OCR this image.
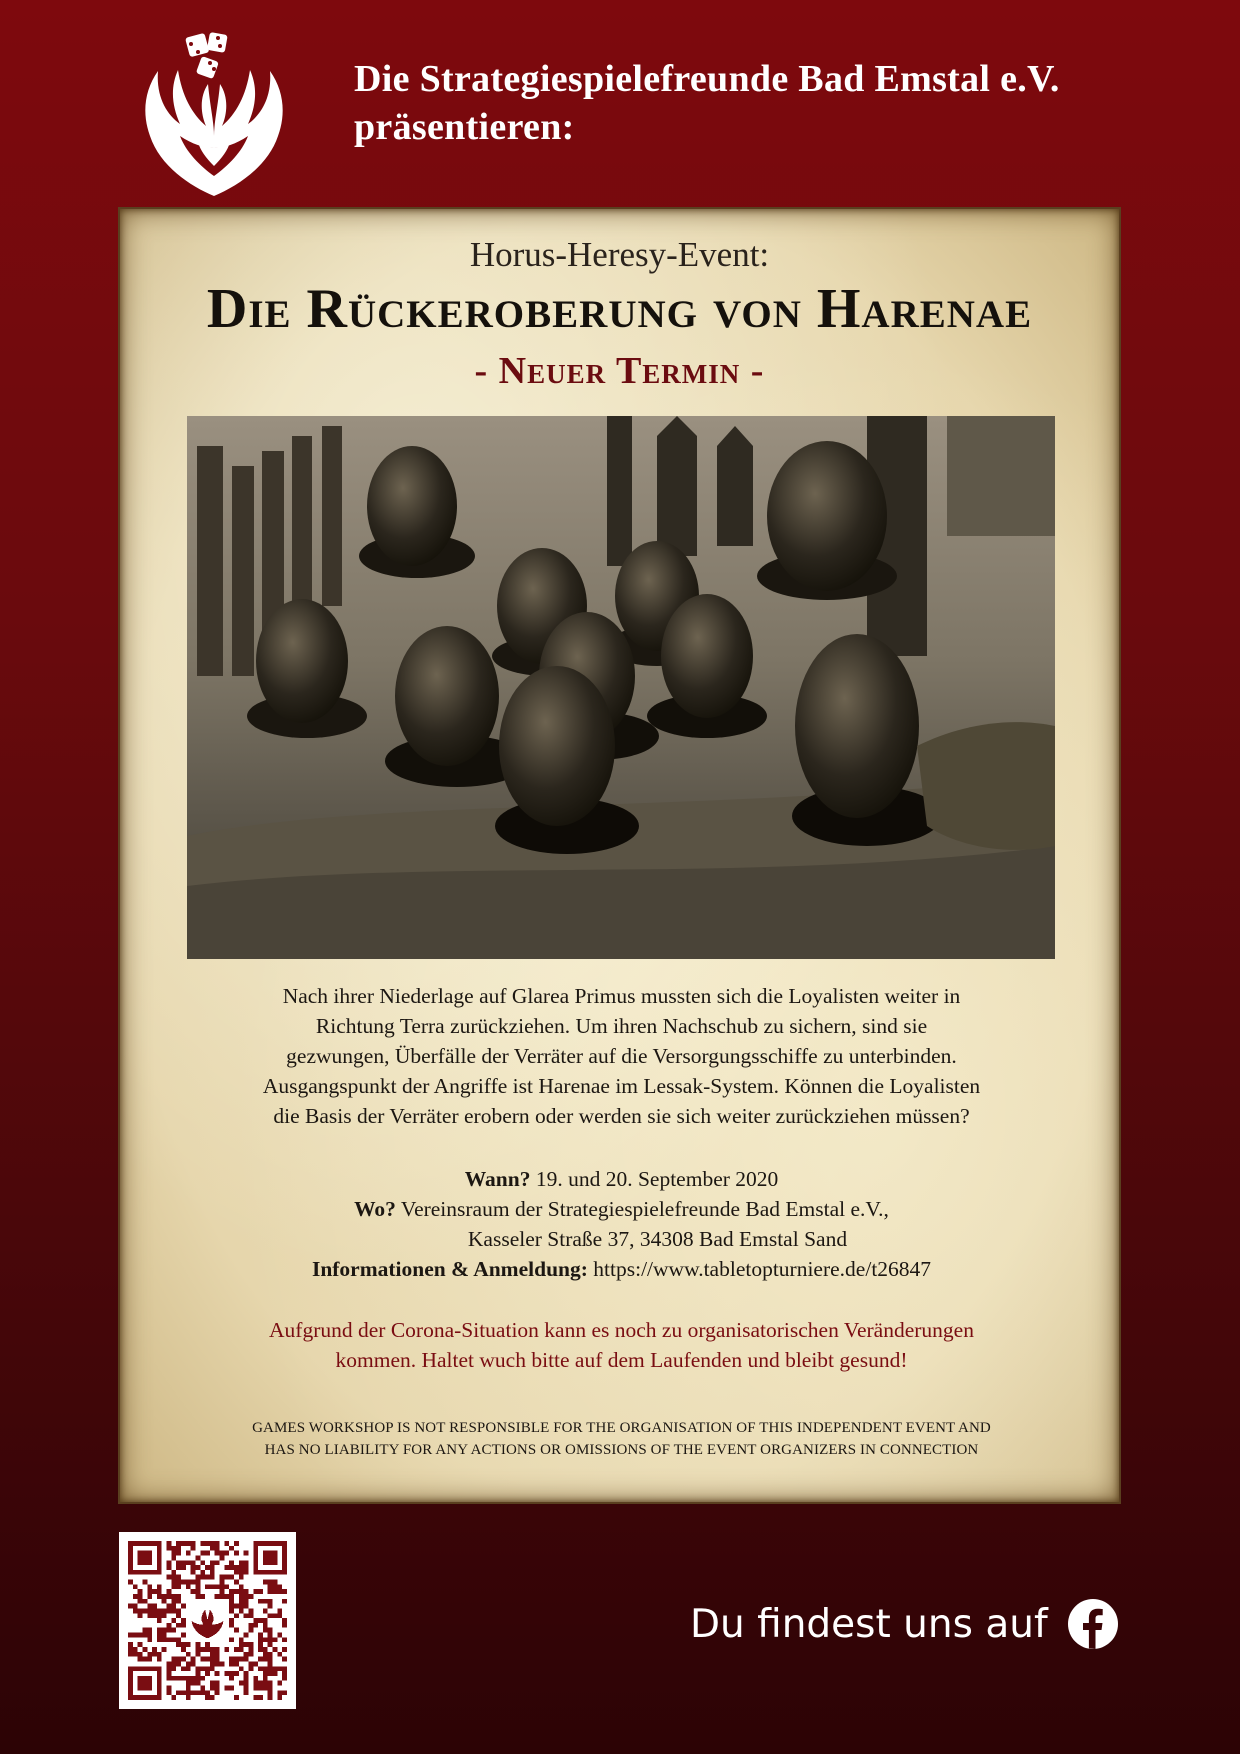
Die Strategiespielefreunde Bad Emstal e.V.
präsentieren:
Horus-Heresy-Event:
Die Rückeroberung von Harenae
- Neuer Termin -

Nach ihrer Niederlage auf Glarea Primus mussten sich die Loyalisten weiter in

Richtung Terra zurückziehen. Um ihren Nachschub zu sichern, sind sie

gezwungen, Überfälle der Verräter auf die Versorgungsschiffe zu unterbinden.

Ausgangspunkt der Angriffe ist Harenae im Lessak-System. Können die Loyalisten

die Basis der Verräter erobern oder werden sie sich weiter zurückziehen müssen?

Wann? 19. und 20. September 2020
Wo? Vereinsraum der Strategiespielefreunde Bad Emstal e.V.,
Kasseler Straße 37, 34308 Bad Emstal Sand
Informationen & Anmeldung: https://www.tabletopturniere.de/t26847

Aufgrund der Corona-Situation kann es noch zu organisatorischen Veränderungen

kommen. Haltet wuch bitte auf dem Laufenden und bleibt gesund!

GAMES WORKSHOP IS NOT RESPONSIBLE FOR THE ORGANISATION OF THIS INDEPENDENT EVENT AND

HAS NO LIABILITY FOR ANY ACTIONS OR OMISSIONS OF THE EVENT ORGANIZERS IN CONNECTION

Du findest uns auf
